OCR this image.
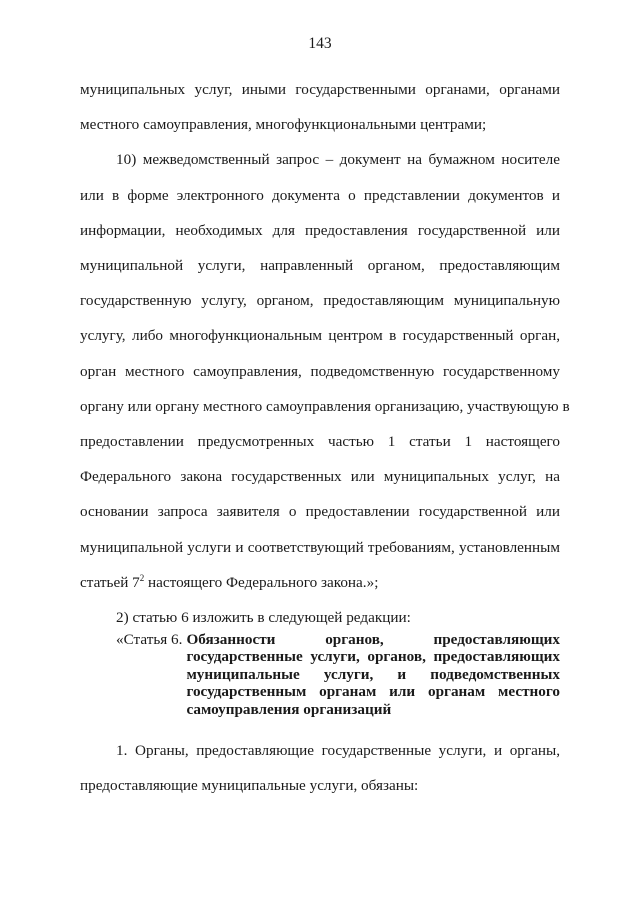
143

муниципальных услуг, иными государственными органами, органами
местного самоуправления, многофункциональными центрами;

10) межведомственный запрос – документ на бумажном носителе
или в форме электронного документа о представлении документов и
информации, необходимых для предоставления государственной или
муниципальной услуги, направленный органом, предоставляющим
государственную услугу, органом, предоставляющим муниципальную
услугу, либо многофункциональным центром в государственный орган,
орган местного самоуправления, подведомственную государственному
органу или органу местного самоуправления организацию, участвующую в
предоставлении предусмотренных частью 1 статьи 1 настоящего
Федерального закона государственных или муниципальных услуг, на
основании запроса заявителя о предоставлении государственной или
муниципальной услуги и соответствующий требованиям, установленным
статьей $7^2$ настоящего Федерального закона.»;

2) статью 6 изложить в следующей редакции:

«Статья 6. Обязанности органов, предоставляющих
государственные услуги, органов, предоставляющих
муниципальные услуги, и подведомственных
государственным органам или органам местного
самоуправления организаций

1. Органы, предоставляющие государственные услуги, и органы,
предоставляющие муниципальные услуги, обязаны:
